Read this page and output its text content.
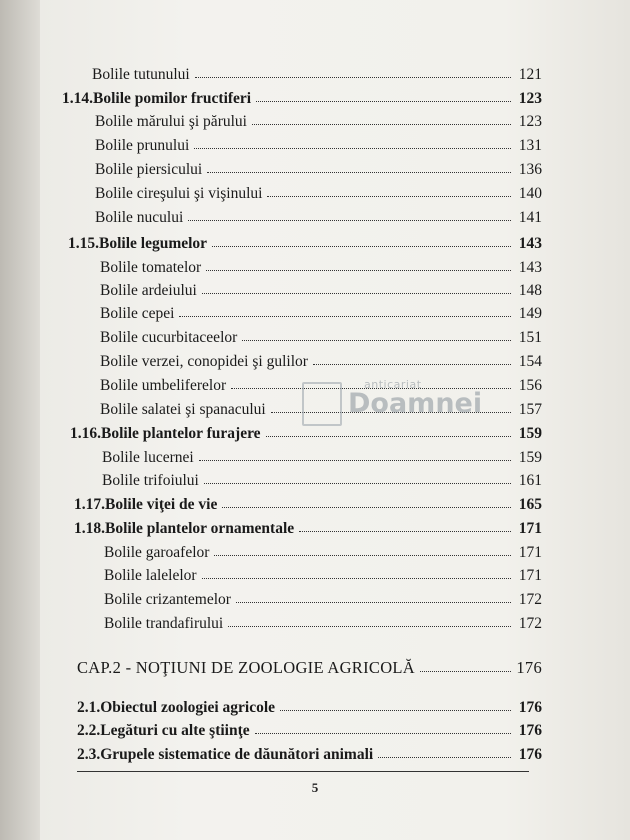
Bolile tutunului	121
1.14.Bolile pomilor fructiferi	123
Bolile mărului şi părului	123
Bolile prunului	131
Bolile piersicului	136
Bolile cireşului şi vişinului	140
Bolile nucului	141
1.15.Bolile legumelor	143
Bolile tomatelor	143
Bolile ardeiului	148
Bolile cepei	149
Bolile cucurbitaceelor	151
Bolile verzei, conopidei şi gulilor	154
Bolile umbeliferelor	156
Bolile salatei şi spanacului	157
1.16.Bolile plantelor furajere	159
Bolile lucernei	159
Bolile trifoiului	161
1.17.Bolile viţei de vie	165
1.18.Bolile plantelor ornamentale	171
Bolile garoafelor	171
Bolile lalelelor	171
Bolile crizantemelor	172
Bolile trandafirului	172
CAP.2 - NOŢIUNI DE ZOOLOGIE AGRICOLĂ	176
2.1.Obiectul zoologiei agricole	176
2.2.Legături cu alte ştiinţe	176
2.3.Grupele sistematice de dăunători animali	176
anticariat
Doamnei
5
